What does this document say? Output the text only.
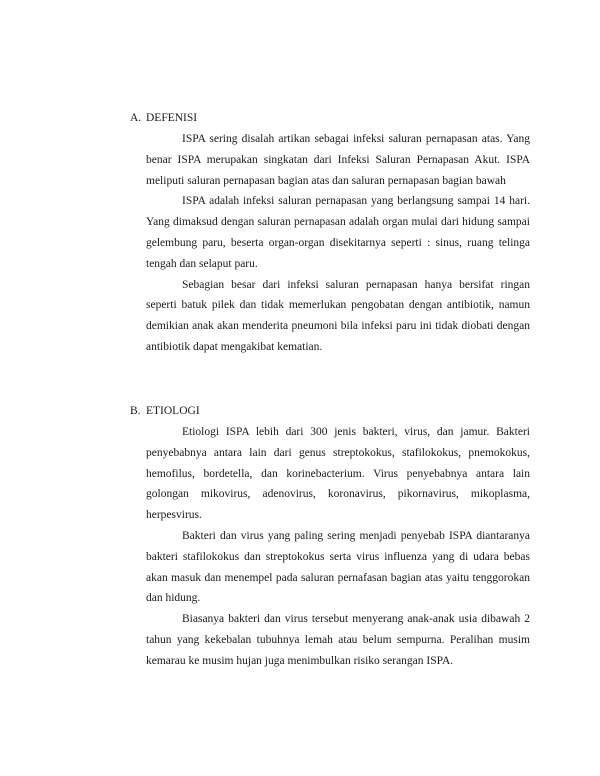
A. DEFENISI

ISPA sering disalah artikan sebagai infeksi saluran pernapasan atas. Yang benar ISPA merupakan singkatan dari Infeksi Saluran Pernapasan Akut. ISPA meliputi saluran pernapasan bagian atas dan saluran pernapasan bagian bawah

ISPA adalah infeksi saluran pernapasan yang berlangsung sampai 14 hari. Yang dimaksud dengan saluran pernapasan adalah organ mulai dari hidung sampai gelembung paru, beserta organ-organ disekitarnya seperti : sinus, ruang telinga tengah dan selaput paru.

Sebagian besar dari infeksi saluran pernapasan hanya bersifat ringan seperti batuk pilek dan tidak memerlukan pengobatan dengan antibiotik, namun demikian anak akan menderita pneumoni bila infeksi paru ini tidak diobati dengan antibiotik dapat mengakibat kematian.

B. ETIOLOGI

Etiologi ISPA lebih dari 300 jenis bakteri, virus, dan jamur. Bakteri penyebabnya antara lain dari genus streptokokus, stafilokokus, pnemokokus, hemofilus, bordetella, dan korinebacterium. Virus penyebabnya antara lain golongan mikovirus, adenovirus, koronavirus, pikornavirus, mikoplasma, herpesvirus.

Bakteri dan virus yang paling sering menjadi penyebab ISPA diantaranya bakteri stafilokokus dan streptokokus serta virus influenza yang di udara bebas akan masuk dan menempel pada saluran pernafasan bagian atas yaitu tenggorokan dan hidung.

Biasanya bakteri dan virus tersebut menyerang anak-anak usia dibawah 2 tahun yang kekebalan tubuhnya lemah atau belum sempurna. Peralihan musim kemarau ke musim hujan juga menimbulkan risiko serangan ISPA.
